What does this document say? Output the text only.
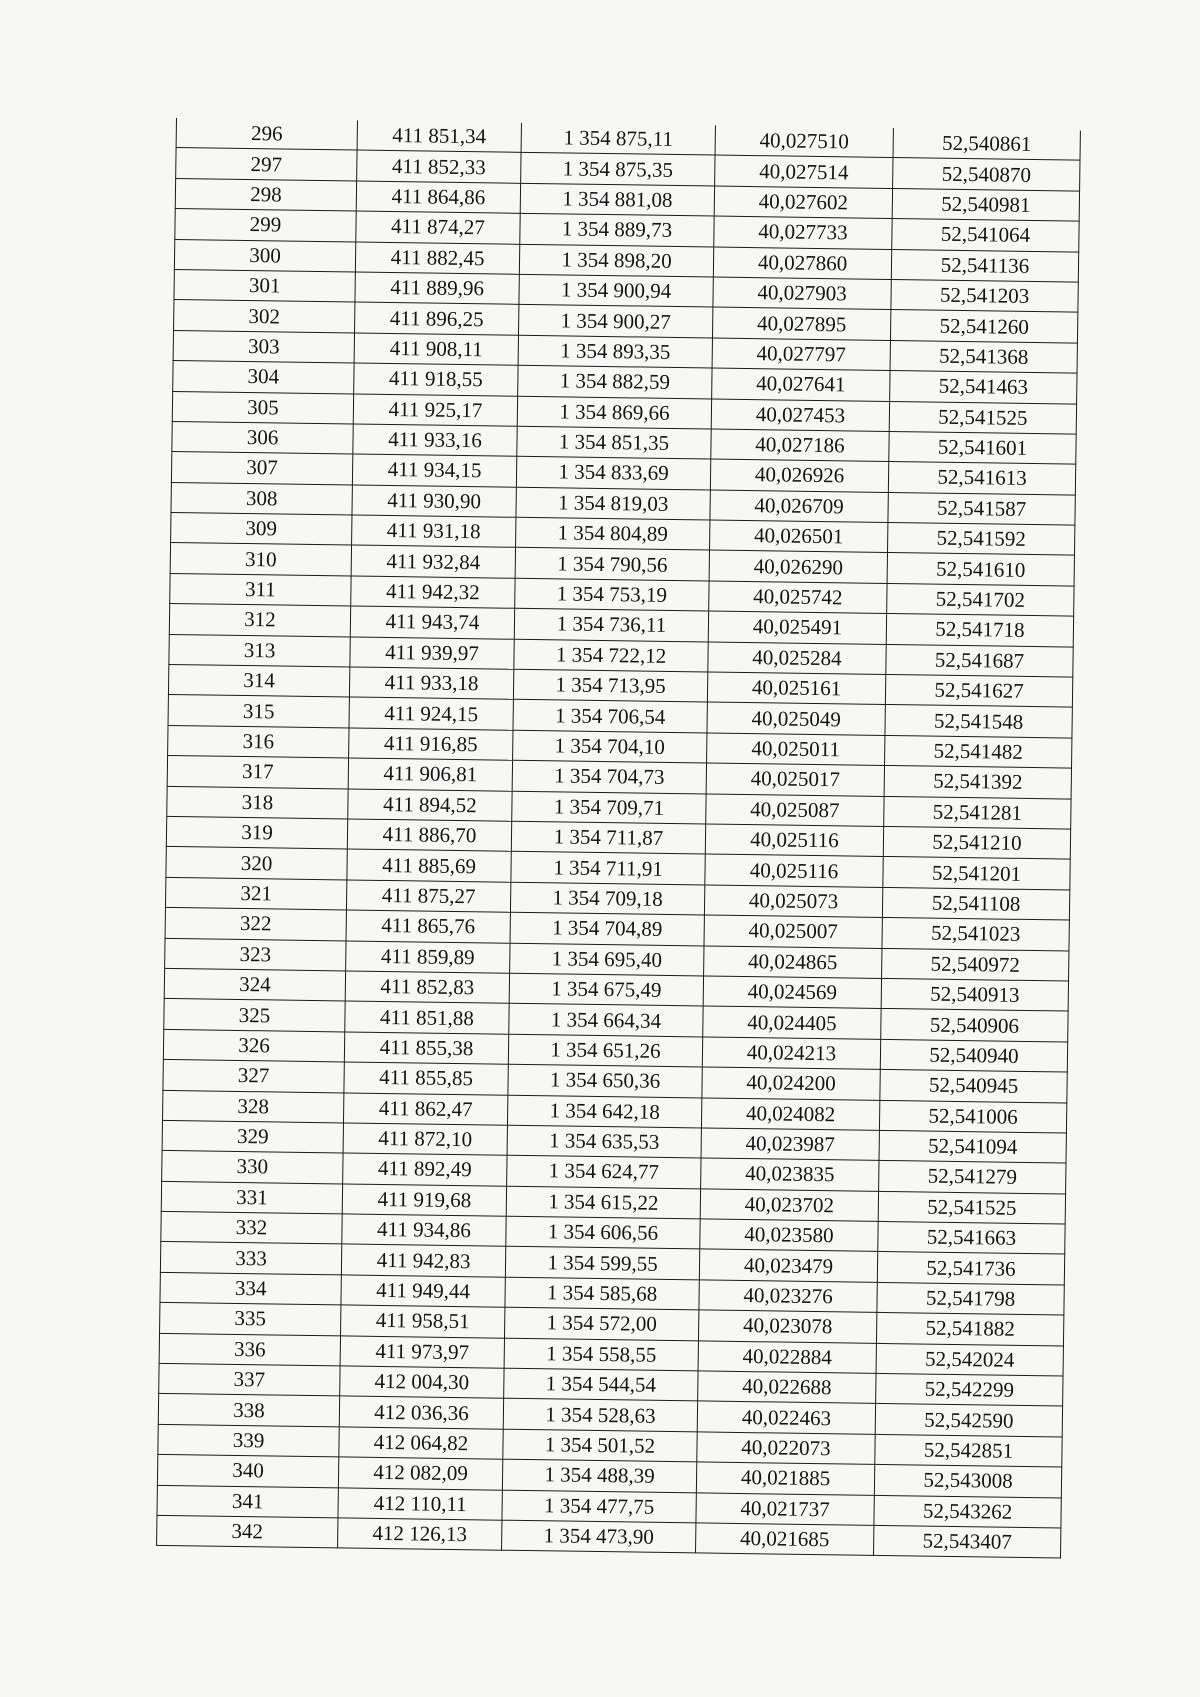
296	411 851,34	1 354 875,11	40,027510	52,540861
297	411 852,33	1 354 875,35	40,027514	52,540870
298	411 864,86	1 354 881,08	40,027602	52,540981
299	411 874,27	1 354 889,73	40,027733	52,541064
300	411 882,45	1 354 898,20	40,027860	52,541136
301	411 889,96	1 354 900,94	40,027903	52,541203
302	411 896,25	1 354 900,27	40,027895	52,541260
303	411 908,11	1 354 893,35	40,027797	52,541368
304	411 918,55	1 354 882,59	40,027641	52,541463
305	411 925,17	1 354 869,66	40,027453	52,541525
306	411 933,16	1 354 851,35	40,027186	52,541601
307	411 934,15	1 354 833,69	40,026926	52,541613
308	411 930,90	1 354 819,03	40,026709	52,541587
309	411 931,18	1 354 804,89	40,026501	52,541592
310	411 932,84	1 354 790,56	40,026290	52,541610
311	411 942,32	1 354 753,19	40,025742	52,541702
312	411 943,74	1 354 736,11	40,025491	52,541718
313	411 939,97	1 354 722,12	40,025284	52,541687
314	411 933,18	1 354 713,95	40,025161	52,541627
315	411 924,15	1 354 706,54	40,025049	52,541548
316	411 916,85	1 354 704,10	40,025011	52,541482
317	411 906,81	1 354 704,73	40,025017	52,541392
318	411 894,52	1 354 709,71	40,025087	52,541281
319	411 886,70	1 354 711,87	40,025116	52,541210
320	411 885,69	1 354 711,91	40,025116	52,541201
321	411 875,27	1 354 709,18	40,025073	52,541108
322	411 865,76	1 354 704,89	40,025007	52,541023
323	411 859,89	1 354 695,40	40,024865	52,540972
324	411 852,83	1 354 675,49	40,024569	52,540913
325	411 851,88	1 354 664,34	40,024405	52,540906
326	411 855,38	1 354 651,26	40,024213	52,540940
327	411 855,85	1 354 650,36	40,024200	52,540945
328	411 862,47	1 354 642,18	40,024082	52,541006
329	411 872,10	1 354 635,53	40,023987	52,541094
330	411 892,49	1 354 624,77	40,023835	52,541279
331	411 919,68	1 354 615,22	40,023702	52,541525
332	411 934,86	1 354 606,56	40,023580	52,541663
333	411 942,83	1 354 599,55	40,023479	52,541736
334	411 949,44	1 354 585,68	40,023276	52,541798
335	411 958,51	1 354 572,00	40,023078	52,541882
336	411 973,97	1 354 558,55	40,022884	52,542024
337	412 004,30	1 354 544,54	40,022688	52,542299
338	412 036,36	1 354 528,63	40,022463	52,542590
339	412 064,82	1 354 501,52	40,022073	52,542851
340	412 082,09	1 354 488,39	40,021885	52,543008
341	412 110,11	1 354 477,75	40,021737	52,543262
342	412 126,13	1 354 473,90	40,021685	52,543407
